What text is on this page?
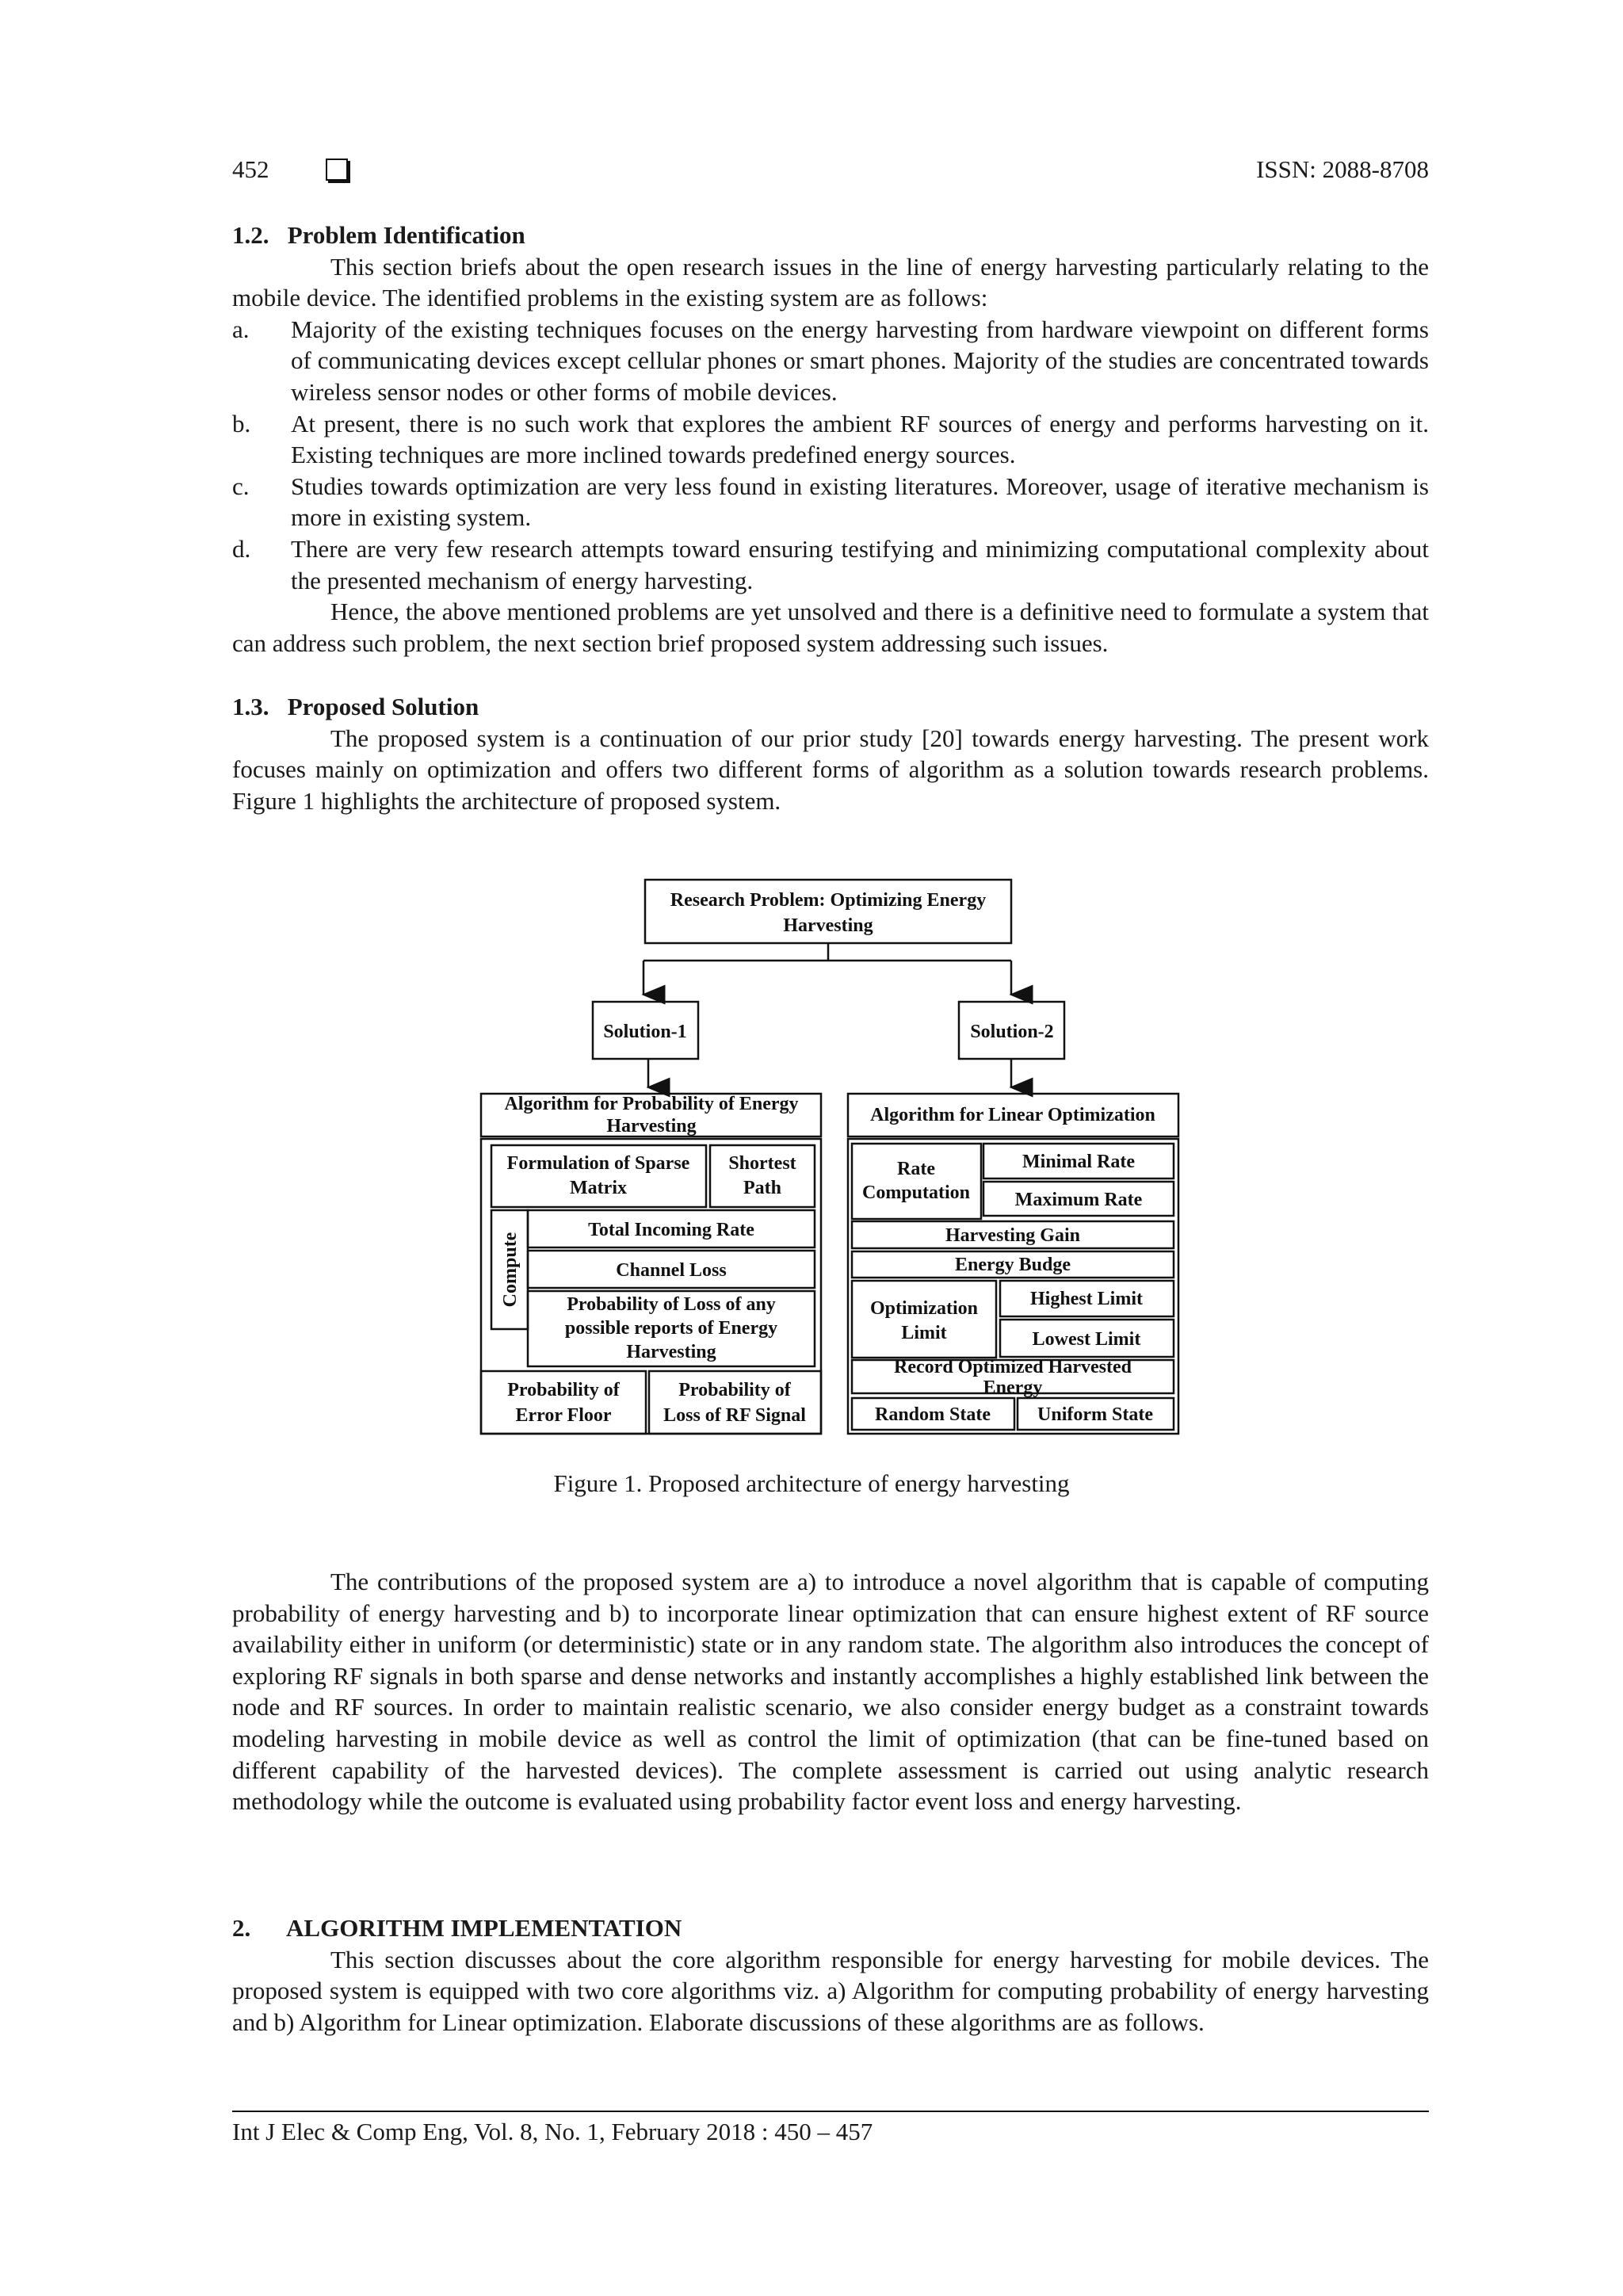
452	ISSN: 2088-8708
1.2.   Problem Identification

This section briefs about the open research issues in the line of energy harvesting particularly relating to the mobile device. The identified problems in the existing system are as follows:

a. Majority of the existing techniques focuses on the energy harvesting from hardware viewpoint on different forms of communicating devices except cellular phones or smart phones. Majority of the studies are concentrated towards wireless sensor nodes or other forms of mobile devices.
b. At present, there is no such work that explores the ambient RF sources of energy and performs harvesting on it. Existing techniques are more inclined towards predefined energy sources.
c. Studies towards optimization are very less found in existing literatures. Moreover, usage of iterative mechanism is more in existing system.
d. There are very few research attempts toward ensuring testifying and minimizing computational complexity about the presented mechanism of energy harvesting.

Hence, the above mentioned problems are yet unsolved and there is a definitive need to formulate a system that can address such problem, the next section brief proposed system addressing such issues.

1.3.   Proposed Solution

The proposed system is a continuation of our prior study [20] towards energy harvesting. The present work focuses mainly on optimization and offers two different forms of algorithm as a solution towards research problems. Figure 1 highlights the architecture of proposed system.

Research Problem: Optimizing Energy
Harvesting
Solution-1	Solution-2
Algorithm for Probability of Energy
Harvesting
Algorithm for Linear Optimization
Formulation of Sparse
Matrix
Shortest
Path
Compute
Total Incoming Rate
Channel Loss
Probability of Loss of any
possible reports of Energy
Harvesting
Probability of
Error Floor
Probability of
Loss of RF Signal
Rate
Computation
Minimal Rate
Maximum Rate
Harvesting Gain
Energy Budge
Optimization
Limit
Highest Limit
Lowest Limit
Record Optimized Harvested
Energy
Random State Uniform State
Figure 1. Proposed architecture of energy harvesting

The contributions of the proposed system are a) to introduce a novel algorithm that is capable of computing probability of energy harvesting and b) to incorporate linear optimization that can ensure highest extent of RF source availability either in uniform (or deterministic) state or in any random state. The algorithm also introduces the concept of exploring RF signals in both sparse and dense networks and instantly accomplishes a highly established link between the node and RF sources. In order to maintain realistic scenario, we also consider energy budget as a constraint towards modeling harvesting in mobile device as well as control the limit of optimization (that can be fine-tuned based on different capability of the harvested devices). The complete assessment is carried out using analytic research methodology while the outcome is evaluated using probability factor event loss and energy harvesting.

2.      ALGORITHM IMPLEMENTATION

This section discusses about the core algorithm responsible for energy harvesting for mobile devices. The proposed system is equipped with two core algorithms viz. a) Algorithm for computing probability of energy harvesting and b) Algorithm for Linear optimization. Elaborate discussions of these algorithms are as follows.

Int J Elec & Comp Eng, Vol. 8, No. 1, February 2018 : 450 – 457
